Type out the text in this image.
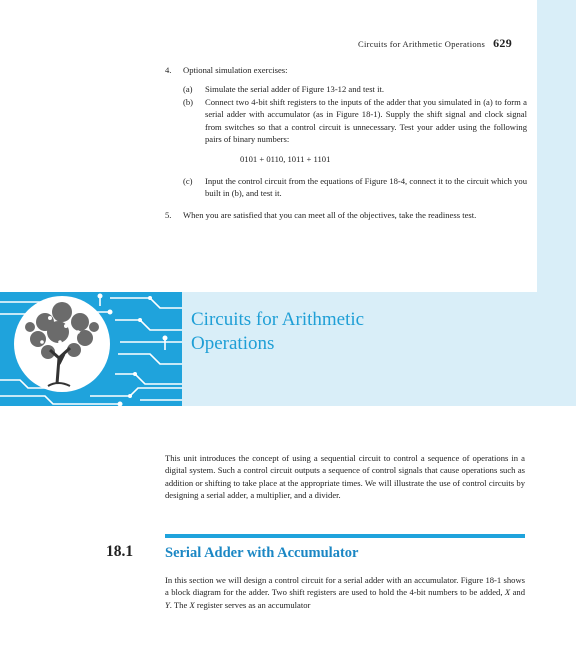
Circuits for Arithmetic Operations 629
4.	Optional simulation exercises:
(a)	Simulate the serial adder of Figure 13-12 and test it.
(b)	Connect two 4-bit shift registers to the inputs of the adder that you simulated in (a) to form a serial adder with accumulator (as in Figure 18-1). Supply the shift signal and clock signal from switches so that a control circuit is unnecessary. Test your adder using the following pairs of binary numbers:
0101 + 0110, 1011 + 1101
(c)	Input the control circuit from the equations of Figure 18-4, connect it to the circuit which you built in (b), and test it.
5.	When you are satisfied that you can meet all of the objectives, take the readiness test.
Circuits for Arithmetic
Operations
This unit introduces the concept of using a sequential circuit to control a sequence of operations in a digital system. Such a control circuit outputs a sequence of control signals that cause operations such as addition or shifting to take place at the appropriate times. We will illustrate the use of control circuits by designing a serial adder, a multiplier, and a divider.
18.1 Serial Adder with Accumulator
In this section we will design a control circuit for a serial adder with an accumulator. Figure 18-1 shows a block diagram for the adder. Two shift registers are used to hold the 4-bit numbers to be added, X and Y. The X register serves as an accumulator
